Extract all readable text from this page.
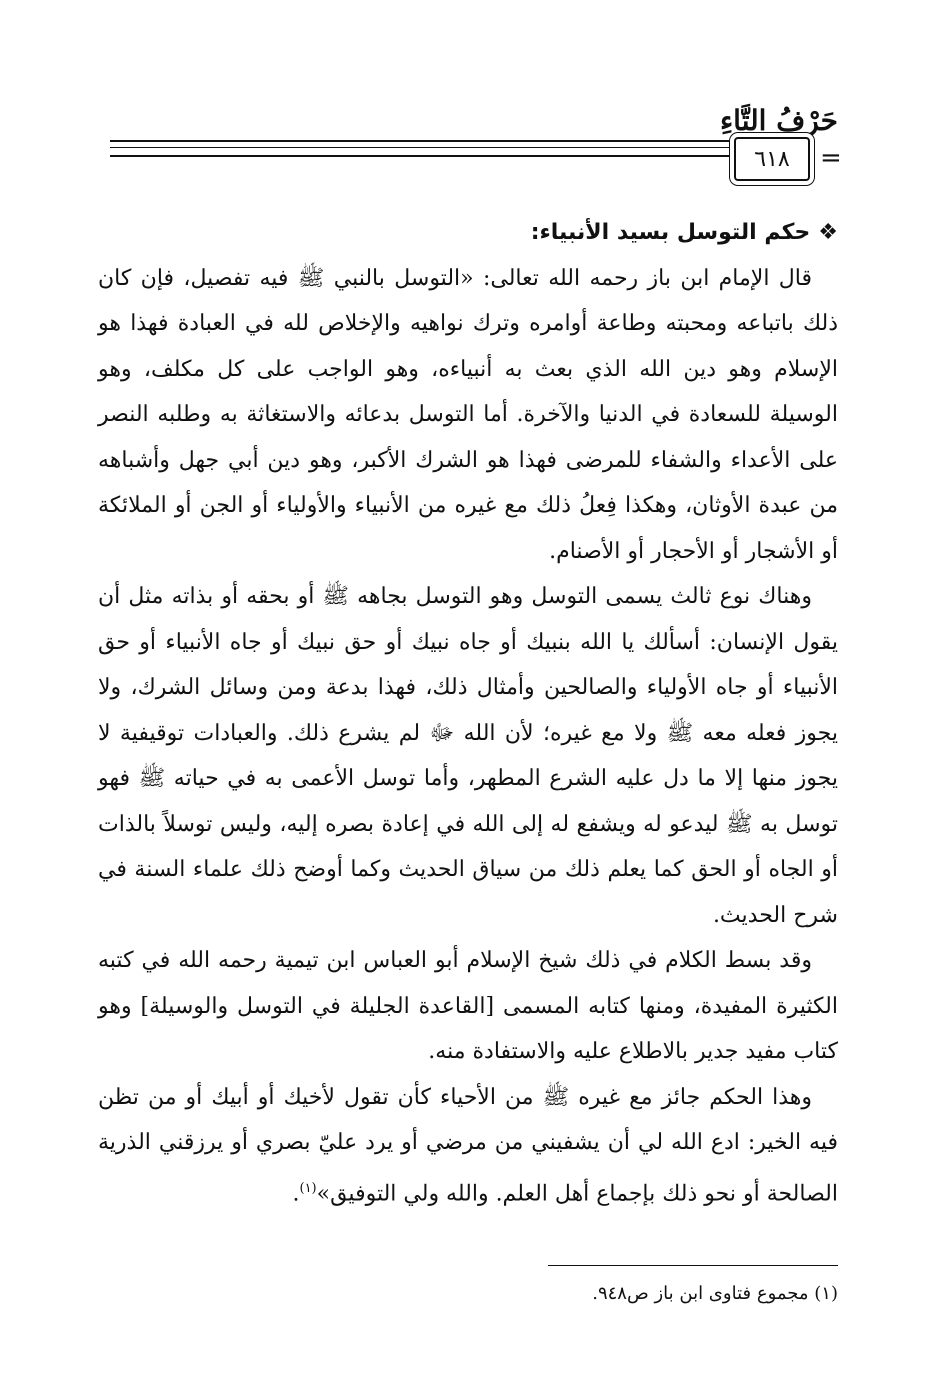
حَرْفُ التَّاءِ
٦١٨	=

❖حكم التوسل بسيد الأنبياء:

قال الإمام ابن باز رحمه الله تعالى: «التوسل بالنبي ﷺ فيه تفصيل، فإن كان ذلك باتباعه ومحبته وطاعة أوامره وترك نواهيه والإخلاص لله في العبادة فهذا هو الإسلام وهو دين الله الذي بعث به أنبياءه، وهو الواجب على كل مكلف، وهو الوسيلة للسعادة في الدنيا والآخرة. أما التوسل بدعائه والاستغاثة به وطلبه النصر على الأعداء والشفاء للمرضى فهذا هو الشرك الأكبر، وهو دين أبي جهل وأشباهه من عبدة الأوثان، وهكذا فِعلُ ذلك مع غيره من الأنبياء والأولياء أو الجن أو الملائكة أو الأشجار أو الأحجار أو الأصنام.

وهناك نوع ثالث يسمى التوسل وهو التوسل بجاهه ﷺ أو بحقه أو بذاته مثل أن يقول الإنسان: أسألك يا الله بنبيك أو جاه نبيك أو حق نبيك أو جاه الأنبياء أو حق الأنبياء أو جاه الأولياء والصالحين وأمثال ذلك، فهذا بدعة ومن وسائل الشرك، ولا يجوز فعله معه ﷺ ولا مع غيره؛ لأن الله ﷻ لم يشرع ذلك. والعبادات توقيفية لا يجوز منها إلا ما دل عليه الشرع المطهر، وأما توسل الأعمى به في حياته ﷺ فهو توسل به ﷺ ليدعو له ويشفع له إلى الله في إعادة بصره إليه، وليس توسلاً بالذات أو الجاه أو الحق كما يعلم ذلك من سياق الحديث وكما أوضح ذلك علماء السنة في شرح الحديث.

وقد بسط الكلام في ذلك شيخ الإسلام أبو العباس ابن تيمية رحمه الله في كتبه الكثيرة المفيدة، ومنها كتابه المسمى [القاعدة الجليلة في التوسل والوسيلة] وهو كتاب مفيد جدير بالاطلاع عليه والاستفادة منه.

وهذا الحكم جائز مع غيره ﷺ من الأحياء كأن تقول لأخيك أو أبيك أو من تظن فيه الخير: ادع الله لي أن يشفيني من مرضي أو يرد عليّ بصري أو يرزقني الذرية الصالحة أو نحو ذلك بإجماع أهل العلم. والله ولي التوفيق»$^{(١)}$.

(١) مجموع فتاوى ابن باز ص٩٤٨.
